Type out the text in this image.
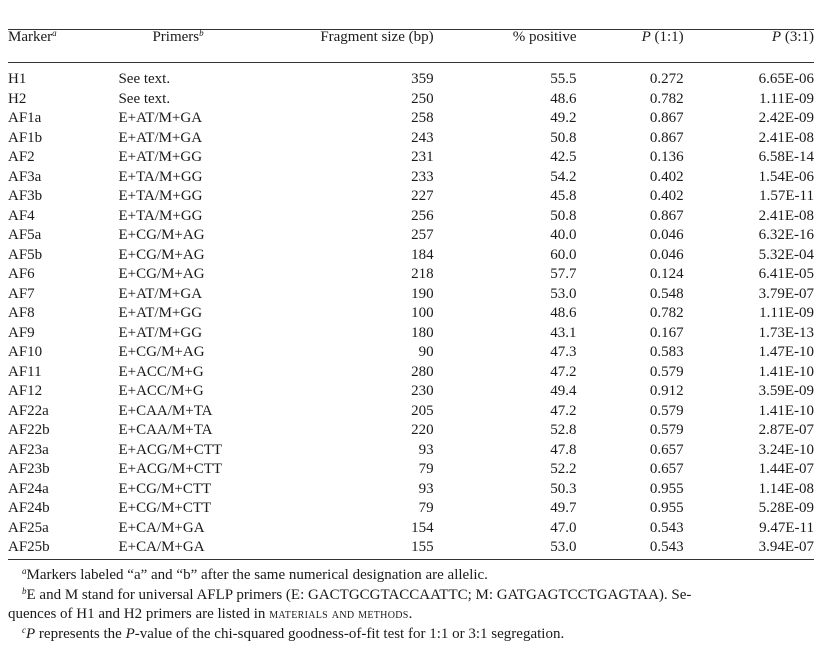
Marker$^a$	Primers$^b$	Fragment size (bp)	% positive	P (1:1)	P (3:1)
H1	See text.	359	55.5	0.272	6.65E-06
H2	See text.	250	48.6	0.782	1.11E-09
AF1a	E+AT/M+GA	258	49.2	0.867	2.42E-09
AF1b	E+AT/M+GA	243	50.8	0.867	2.41E-08
AF2	E+AT/M+GG	231	42.5	0.136	6.58E-14
AF3a	E+TA/M+GG	233	54.2	0.402	1.54E-06
AF3b	E+TA/M+GG	227	45.8	0.402	1.57E-11
AF4	E+TA/M+GG	256	50.8	0.867	2.41E-08
AF5a	E+CG/M+AG	257	40.0	0.046	6.32E-16
AF5b	E+CG/M+AG	184	60.0	0.046	5.32E-04
AF6	E+CG/M+AG	218	57.7	0.124	6.41E-05
AF7	E+AT/M+GA	190	53.0	0.548	3.79E-07
AF8	E+AT/M+GG	100	48.6	0.782	1.11E-09
AF9	E+AT/M+GG	180	43.1	0.167	1.73E-13
AF10	E+CG/M+AG	90	47.3	0.583	1.47E-10
AF11	E+ACC/M+G	280	47.2	0.579	1.41E-10
AF12	E+ACC/M+G	230	49.4	0.912	3.59E-09
AF22a	E+CAA/M+TA	205	47.2	0.579	1.41E-10
AF22b	E+CAA/M+TA	220	52.8	0.579	2.87E-07
AF23a	E+ACG/M+CTT	93	47.8	0.657	3.24E-10
AF23b	E+ACG/M+CTT	79	52.2	0.657	1.44E-07
AF24a	E+CG/M+CTT	93	50.3	0.955	1.14E-08
AF24b	E+CG/M+CTT	79	49.7	0.955	5.28E-09
AF25a	E+CA/M+GA	154	47.0	0.543	9.47E-11
AF25b	E+CA/M+GA	155	53.0	0.543	3.94E-07
$^a$Markers labeled “a” and “b” after the same numerical designation are allelic.
$^b$E and M stand for universal AFLP primers (E: GACTGCGTACCAATTC; M: GATGAGTCCTGAGTAA). Se-
quences of H1 and H2 primers are listed in materials and methods.
$^c$P represents the P-value of the chi-squared goodness-of-fit test for 1:1 or 3:1 segregation.
